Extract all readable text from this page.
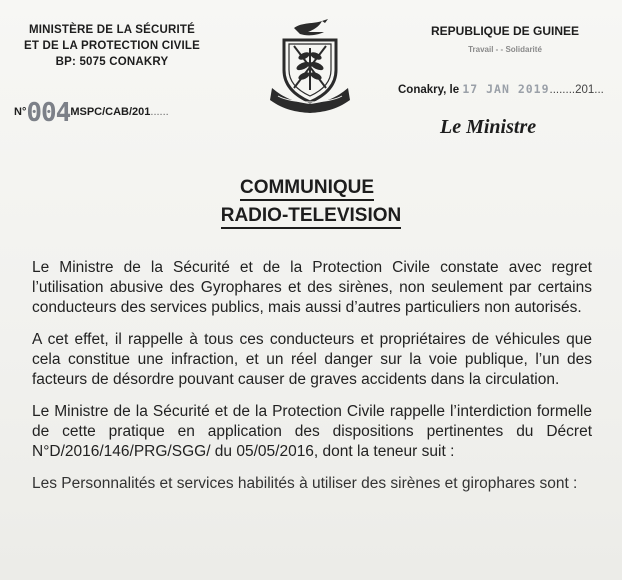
MINISTÈRE DE LA SÉCURITÉ
ET DE LA PROTECTION CIVILE
BP: 5075 CONAKRY
N°004MSPC/CAB/201......
REPUBLIQUE DE GUINEE
Travail - - Solidarité
Conakry, le 17 JAN 2019........201...
Le Ministre
COMMUNIQUE
RADIO-TELEVISION

Le Ministre de la Sécurité et de la Protection Civile constate avec regret l’utilisation abusive des Gyrophares et des sirènes, non seulement par certains conducteurs des services publics, mais aussi d’autres particuliers non autorisés.

A cet effet, il rappelle à tous ces conducteurs et propriétaires de véhicules que cela constitue une infraction, et un réel danger sur la voie publique, l’un des facteurs de désordre pouvant causer de graves accidents dans la circulation.

Le Ministre de la Sécurité et de la Protection Civile rappelle l’interdiction formelle de cette pratique en application des dispositions pertinentes du Décret N°D/2016/146/PRG/SGG/ du 05/05/2016, dont la teneur suit :

Les Personnalités et services habilités à utiliser des sirènes et girophares sont :
